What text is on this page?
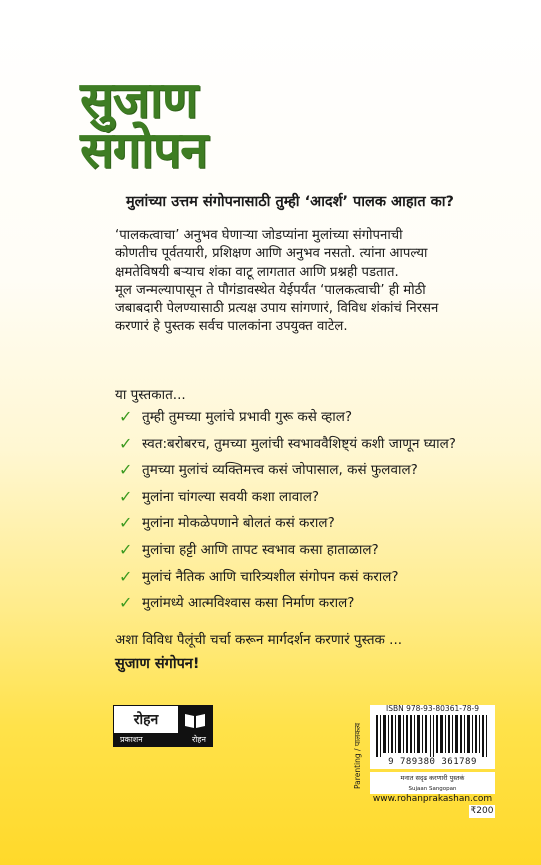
सुजाण
संगोपन
मुलांच्या उत्तम संगोपनासाठी तुम्ही ‘आदर्श’ पालक आहात का?

‘पालकत्वाचा’ अनुभव घेणाऱ्या जोडप्यांना मुलांच्या संगोपनाची

कोणतीच पूर्वतयारी, प्रशिक्षण आणि अनुभव नसतो. त्यांना आपल्या

क्षमतेविषयी बऱ्याच शंका वाटू लागतात आणि प्रश्नही पडतात.

मूल जन्मल्यापासून ते पौगंडावस्थेत येईपर्यंत ‘पालकत्वाची’ ही मोठी

जबाबदारी पेलण्यासाठी प्रत्यक्ष उपाय सांगणारं, विविध शंकांचं निरसन

करणारं हे पुस्तक सर्वच पालकांना उपयुक्त वाटेल.

या पुस्तकात...
✓ तुम्ही तुमच्या मुलांचे प्रभावी गुरू कसे व्हाल?
✓ स्वत:बरोबरच, तुमच्या मुलांची स्वभाववैशिष्ट्यं कशी जाणून घ्याल?
✓ तुमच्या मुलांचं व्यक्तिमत्त्व कसं जोपासाल, कसं फुलवाल?
✓ मुलांना चांगल्या सवयी कशा लावाल?
✓ मुलांना मोकळेपणाने बोलतं कसं कराल?
✓ मुलांचा हट्टी आणि तापट स्वभाव कसा हाताळाल?
✓ मुलांचं नैतिक आणि चारित्र्यशील संगोपन कसं कराल?
✓ मुलांमध्ये आत्मविश्वास कसा निर्माण कराल?
अशा विविध पैलूंची चर्चा करून मार्गदर्शन करणारं पुस्तक ...
सुजाण संगोपन!
रोहन
प्रकाशन	रोहन	Parenting / पालकत्व
ISBN 978-93-80361-78-9
9 789380 361789
मनात सदृढ करणारी पुस्तकं
Sujaan Sangopan
www.rohanprakashan.com
₹200
